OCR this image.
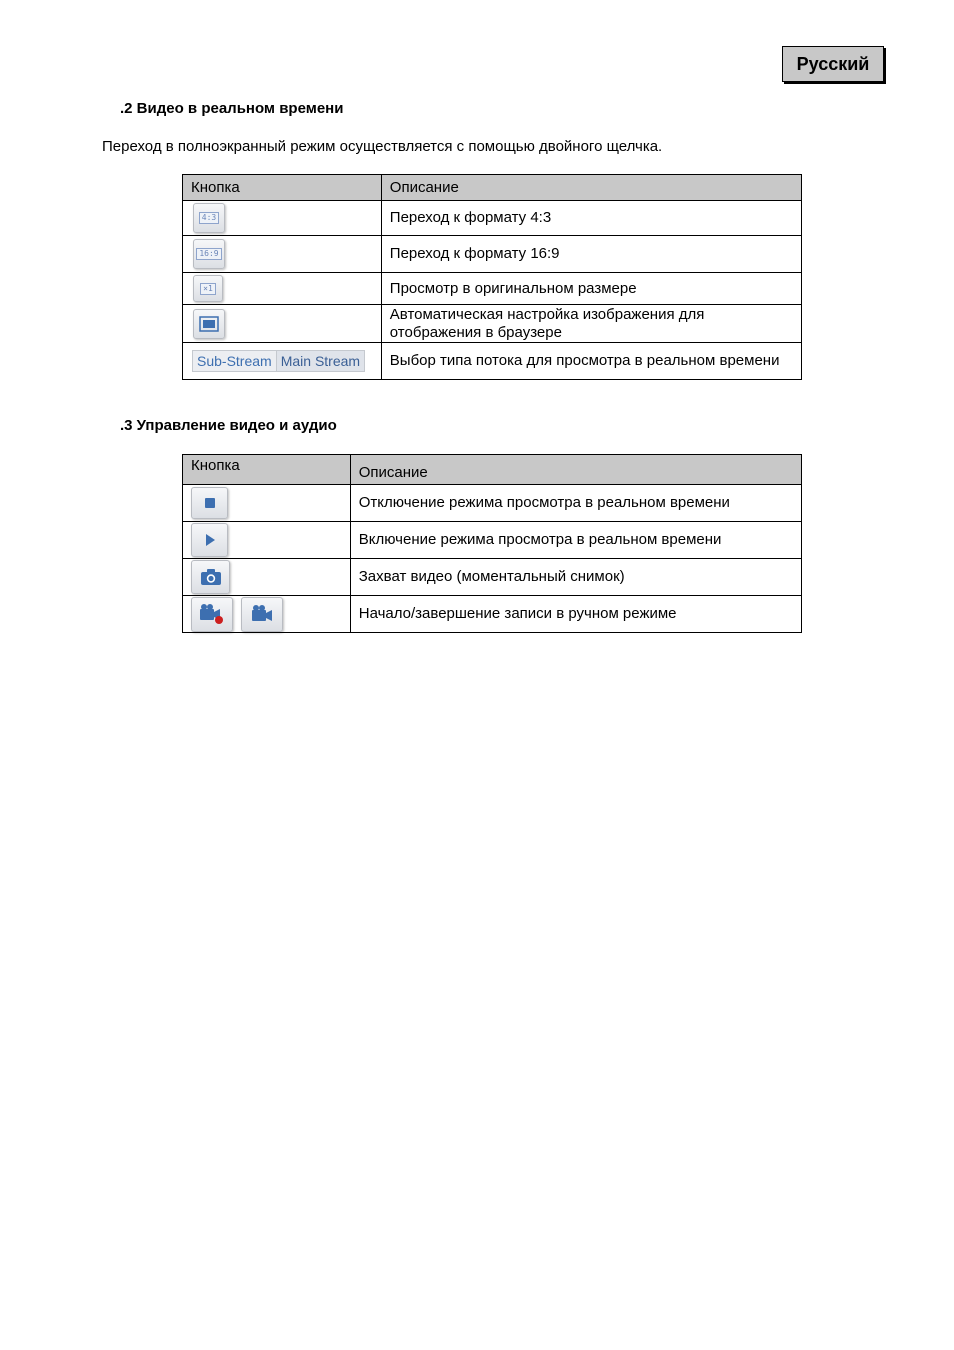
Русский
.2 Видео в реальном времени
Переход в полноэкранный режим осуществляется с помощью двойного щелчка.
Кнопка	Описание

4:3	Переход к формату 4:3

16:9	Переход к формату 16:9

×1	Просмотр в оригинальном размере

	Автоматическая настройка изображения для отображения в браузере

Sub-Stream Main Stream	Выбор типа потока для просмотра в реальном времени
.3 Управление видео и аудио
Кнопка	Описание

	Отключение режима просмотра в реальном времени

	Включение режима просмотра в реальном времени

	Захват видео (моментальный снимок)

	Начало/завершение записи в ручном режиме
